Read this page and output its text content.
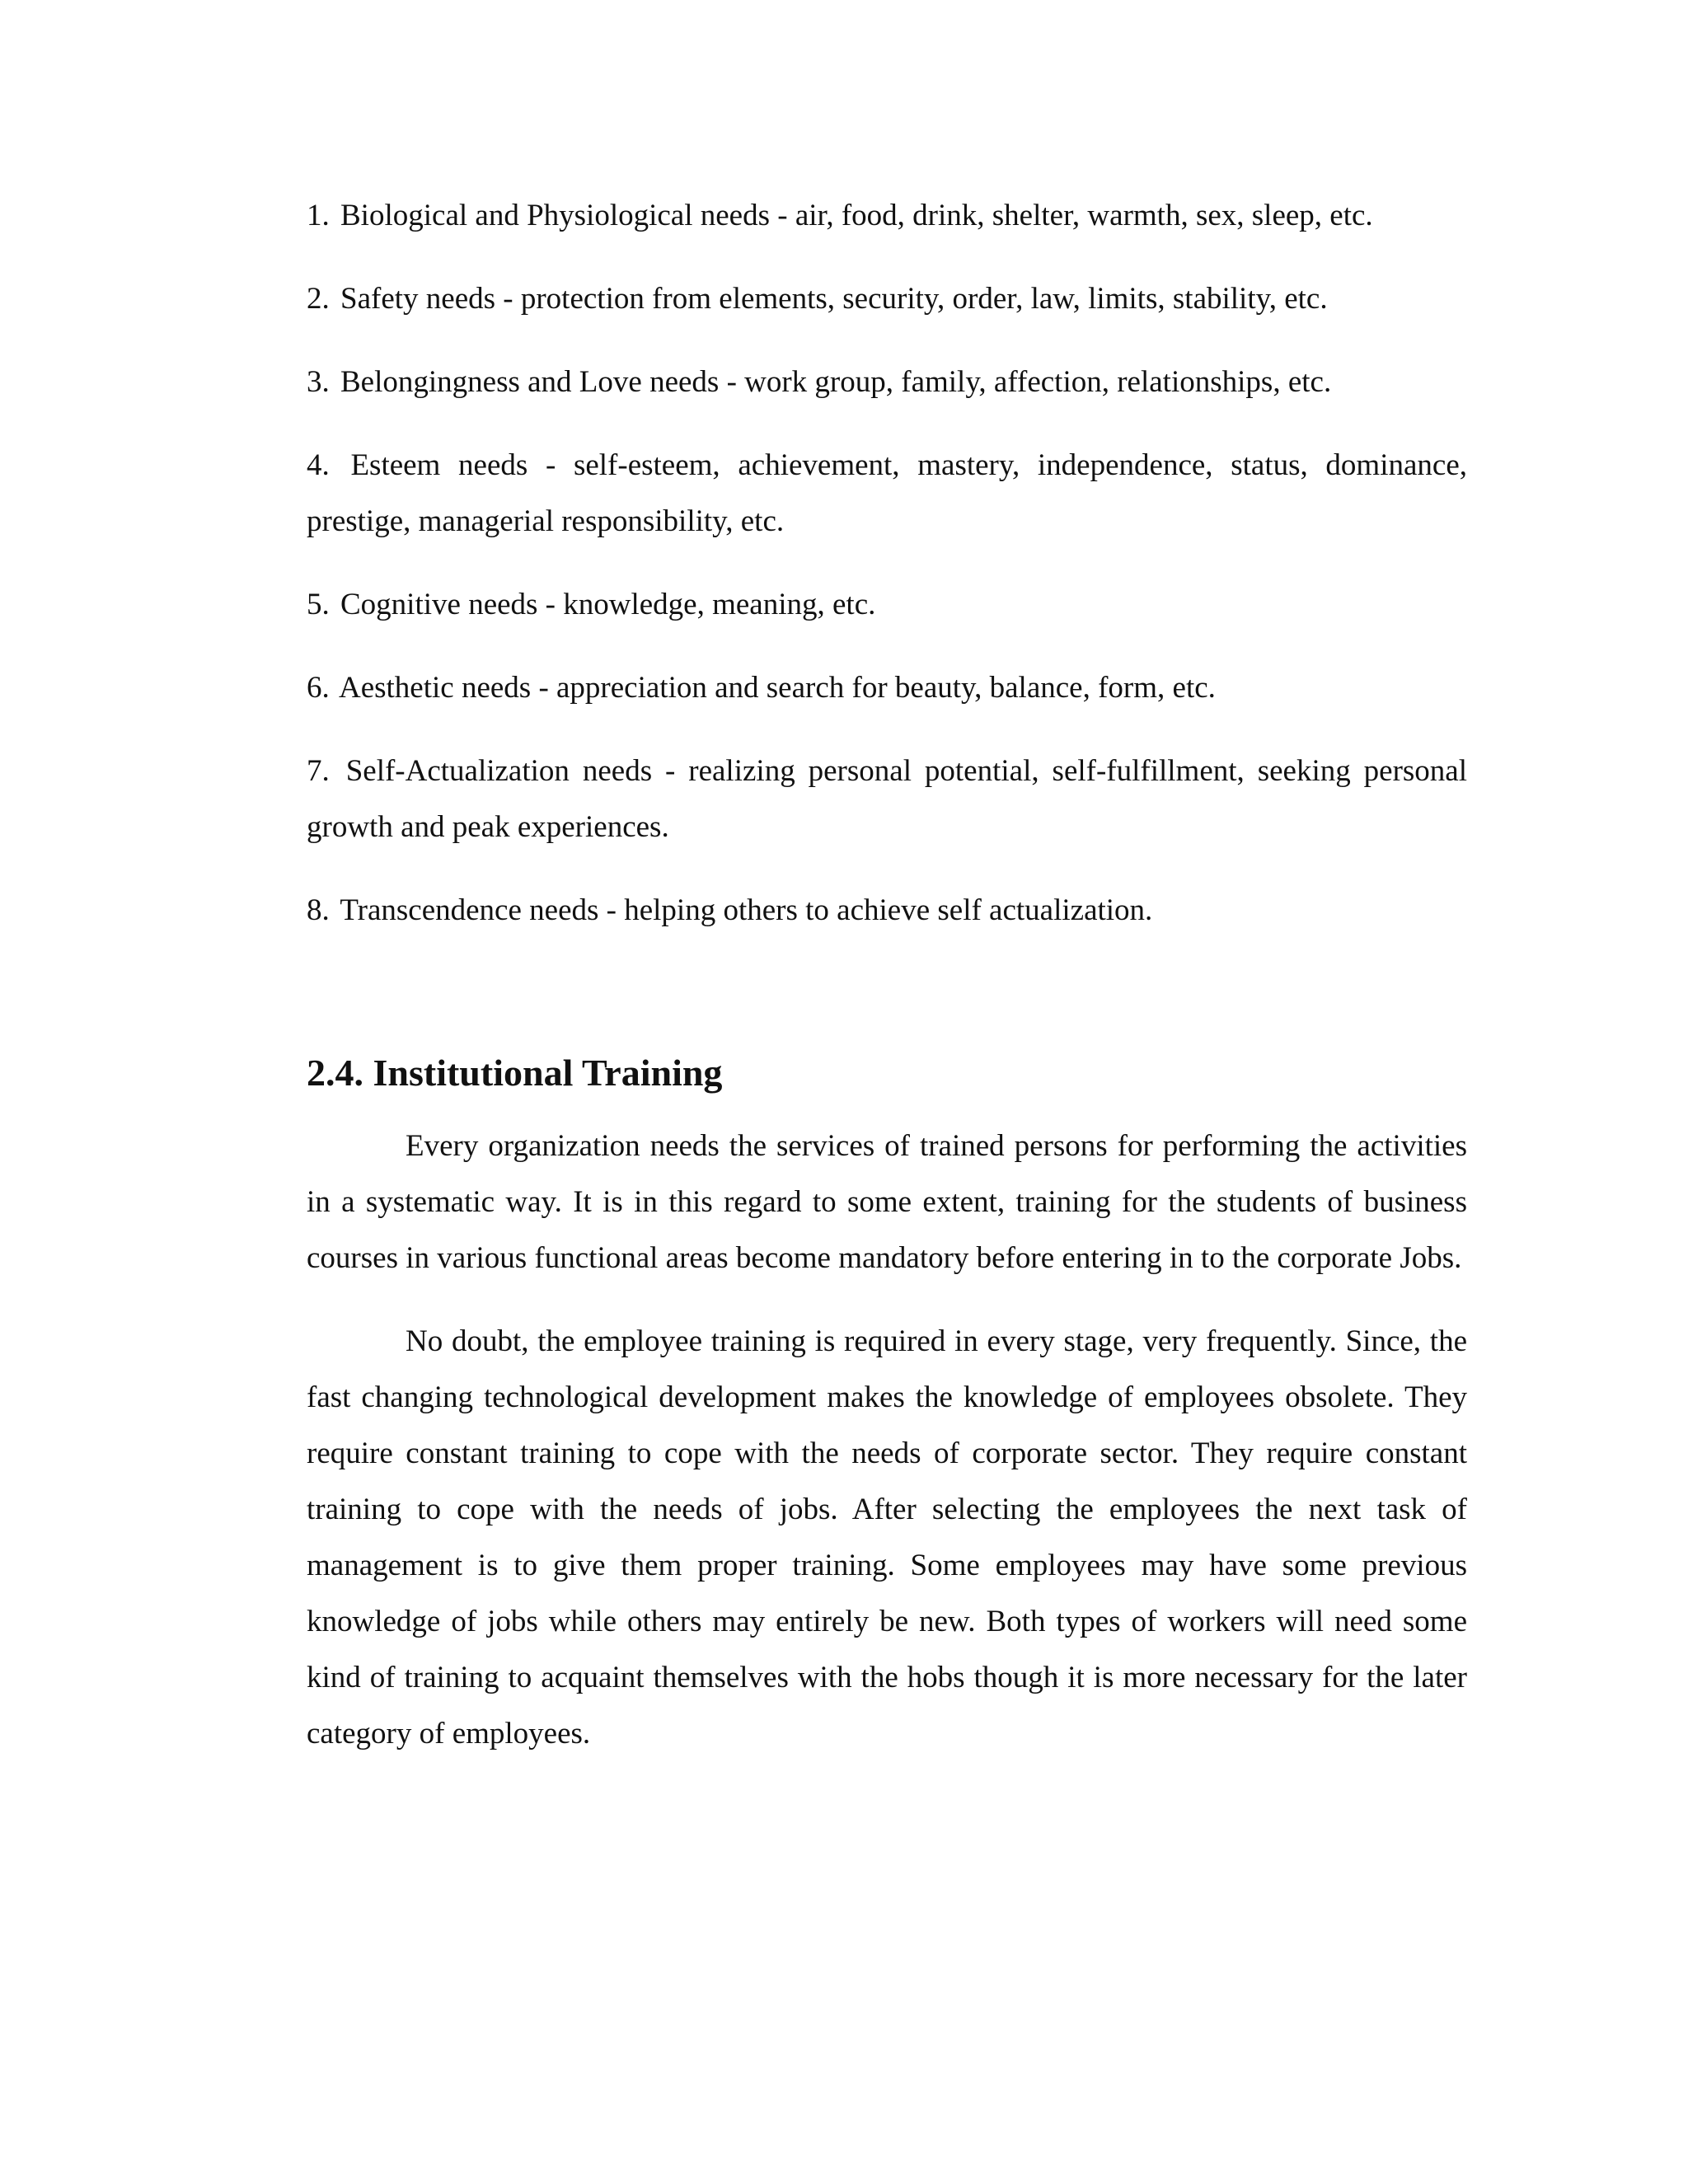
1. Biological and Physiological needs - air, food, drink, shelter, warmth, sex, sleep, etc.

2. Safety needs - protection from elements, security, order, law, limits, stability, etc.

3. Belongingness and Love needs - work group, family, affection, relationships, etc.

4. Esteem needs - self-esteem, achievement, mastery, independence, status, dominance, prestige, managerial responsibility, etc.

5. Cognitive needs - knowledge, meaning, etc.

6. Aesthetic needs - appreciation and search for beauty, balance, form, etc.

7. Self-Actualization needs - realizing personal potential, self-fulfillment, seeking personal growth and peak experiences.

8. Transcendence needs - helping others to achieve self actualization.

2.4. Institutional Training

Every organization needs the services of trained persons for performing the activities in a systematic way. It is in this regard to some extent, training for the students of business courses in various functional areas become mandatory before entering in to the corporate Jobs.

No doubt, the employee training is required in every stage, very frequently. Since, the fast changing technological development makes the knowledge of employees obsolete. They require constant training to cope with the needs of corporate sector. They require constant training to cope with the needs of jobs. After selecting the employees the next task of management is to give them proper training. Some employees may have some previous knowledge of jobs while others may entirely be new. Both types of workers will need some kind of training to acquaint themselves with the hobs though it is more necessary for the later category of employees.
